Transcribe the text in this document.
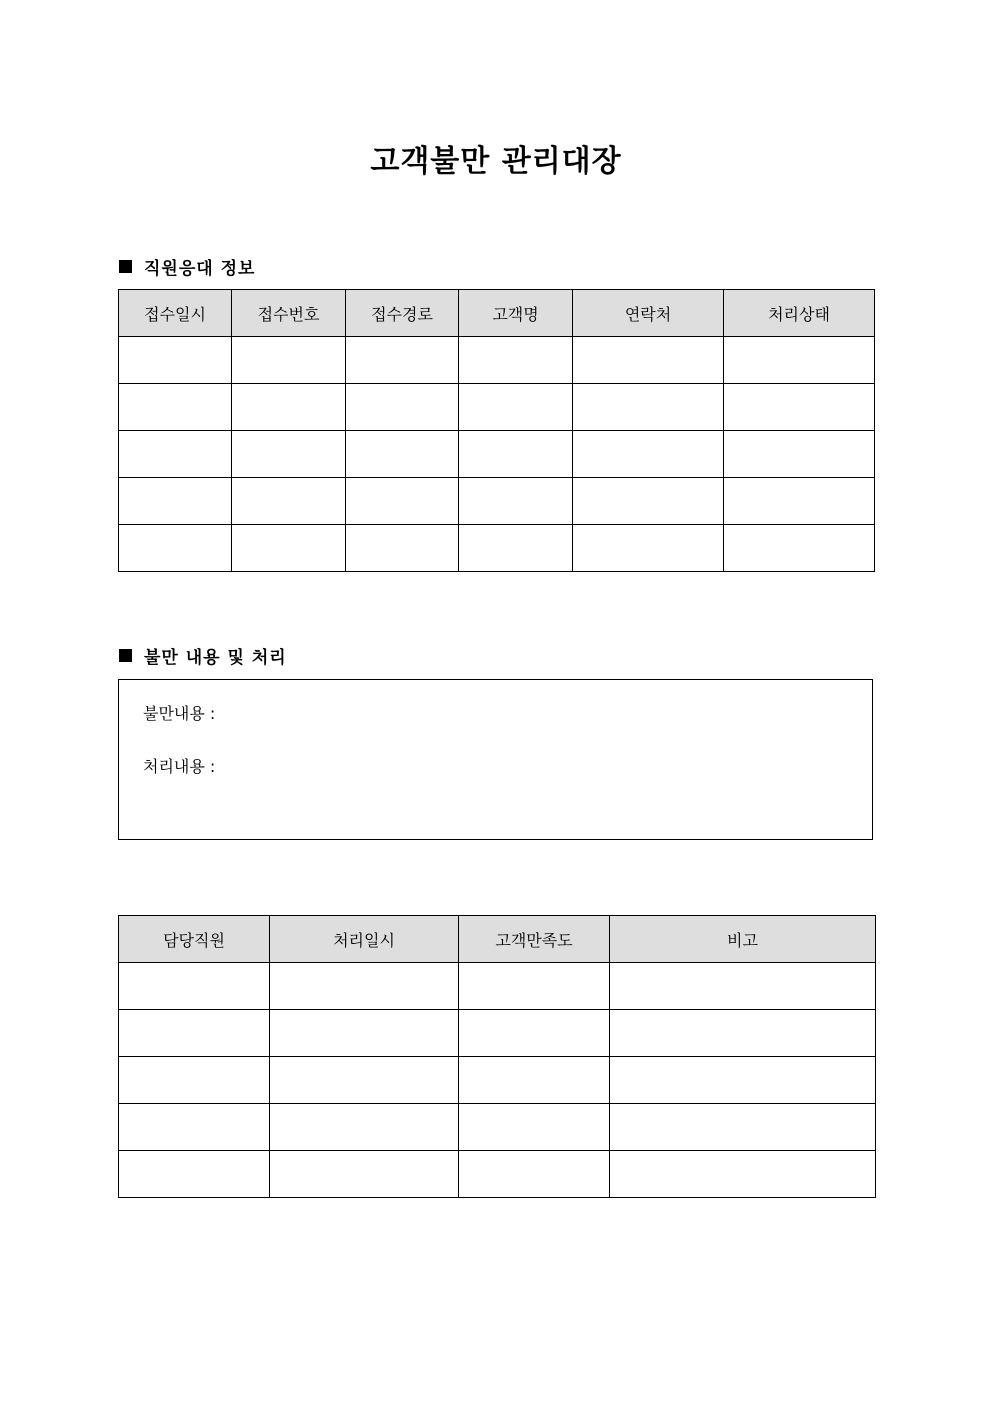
고객불만 관리대장
직원응대 정보
접수일시	접수번호	접수경로	고객명	연락처	처리상태

불만 내용 및 처리
불만내용 :
처리내용 :
담당직원	처리일시	고객만족도	비고
